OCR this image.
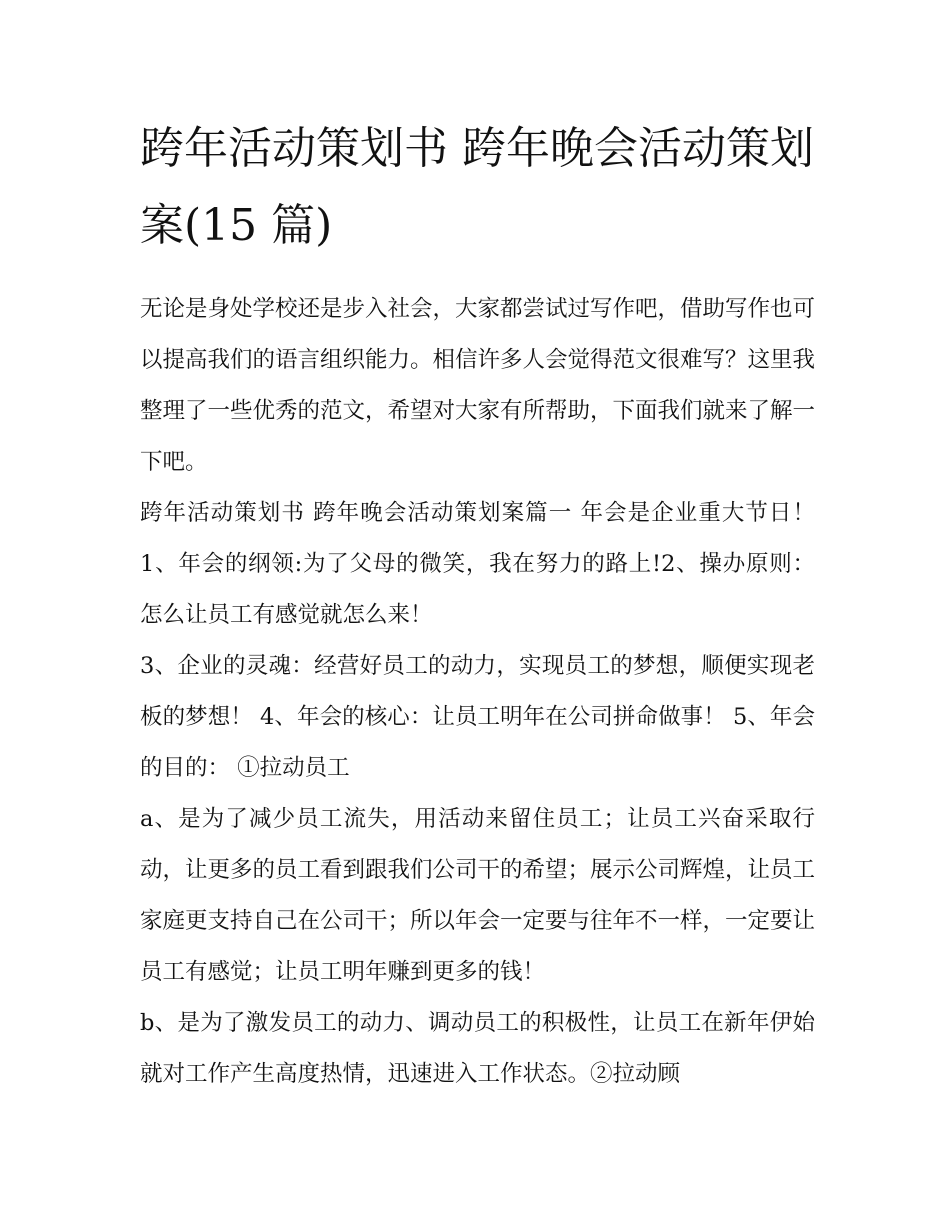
跨年活动策划书 跨年晚会活动策划案(15 篇)

无论是身处学校还是步入社会，大家都尝试过写作吧，借助写作也可以提高我们的语言组织能力。相信许多人会觉得范文很难写？这里我整理了一些优秀的范文，希望对大家有所帮助，下面我们就来了解一下吧。

跨年活动策划书 跨年晚会活动策划案篇一 年会是企业重大节日！ 1、年会的纲领:为了父母的微笑，我在努力的路上!2、操办原则：怎么让员工有感觉就怎么来！

3、企业的灵魂：经营好员工的动力，实现员工的梦想，顺便实现老板的梦想！ 4、年会的核心：让员工明年在公司拼命做事！ 5、年会的目的： ①拉动员工

a、是为了减少员工流失，用活动来留住员工；让员工兴奋采取行动，让更多的员工看到跟我们公司干的希望；展示公司辉煌，让员工家庭更支持自己在公司干；所以年会一定要与往年不一样，一定要让员工有感觉；让员工明年赚到更多的钱！

b、是为了激发员工的动力、调动员工的积极性，让员工在新年伊始就对工作产生高度热情，迅速进入工作状态。②拉动顾
